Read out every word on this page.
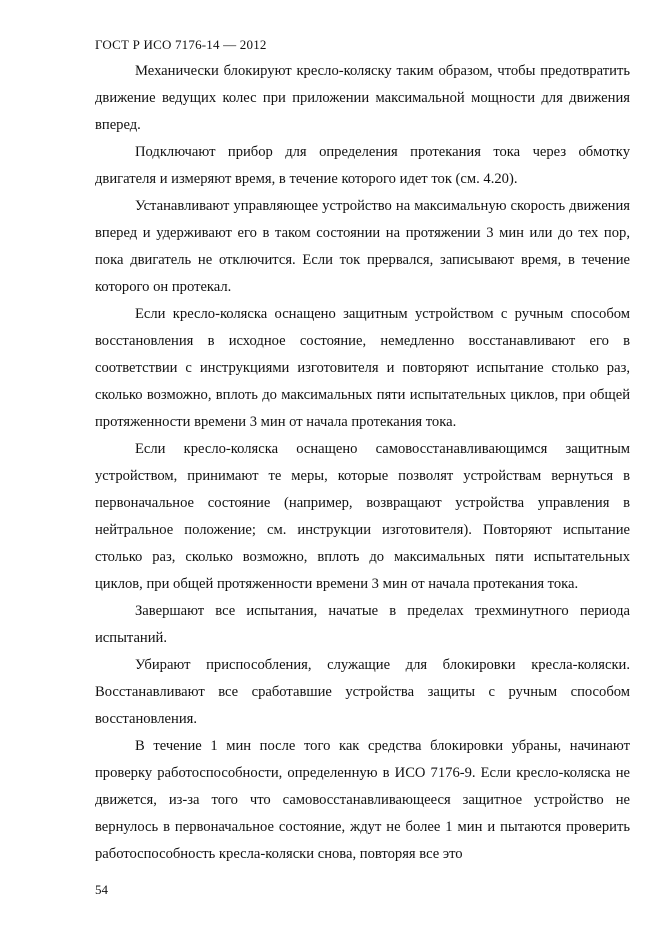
ГОСТ Р ИСО 7176-14 — 2012

Механически блокируют кресло-коляску таким образом, чтобы предотвратить движение ведущих колес при приложении максимальной мощности для движения вперед.

Подключают прибор для определения протекания тока через обмотку двигателя и измеряют время, в течение которого идет ток (см. 4.20).

Устанавливают управляющее устройство на максимальную скорость движения вперед и удерживают его в таком состоянии на протяжении 3 мин или до тех пор, пока двигатель не отключится. Если ток прервался, записывают время, в течение которого он протекал.

Если кресло-коляска оснащено защитным устройством с ручным способом восстановления в исходное состояние, немедленно восстанавливают его в соответствии с инструкциями изготовителя и повторяют испытание столько раз, сколько возможно, вплоть до максимальных пяти испытательных циклов, при общей протяженности времени 3 мин от начала протекания тока.

Если кресло-коляска оснащено самовосстанавливающимся защитным устройством, принимают те меры, которые позволят устройствам вернуться в первоначальное состояние (например, возвращают устройства управления в нейтральное положение; см. инструкции изготовителя). Повторяют испытание столько раз, сколько возможно, вплоть до максимальных пяти испытательных циклов, при общей протяженности времени 3 мин от начала протекания тока.

Завершают все испытания, начатые в пределах трехминутного периода испытаний.

Убирают приспособления, служащие для блокировки кресла-коляски. Восстанавливают все сработавшие устройства защиты с ручным способом восстановления.

В течение 1 мин после того как средства блокировки убраны, начинают проверку работоспособности, определенную в ИСО 7176-9. Если кресло-коляска не движется, из-за того что самовосстанавливающееся защитное устройство не вернулось в первоначальное состояние, ждут не более 1 мин и пытаются проверить работоспособность кресла-коляски снова, повторяя все это

54
